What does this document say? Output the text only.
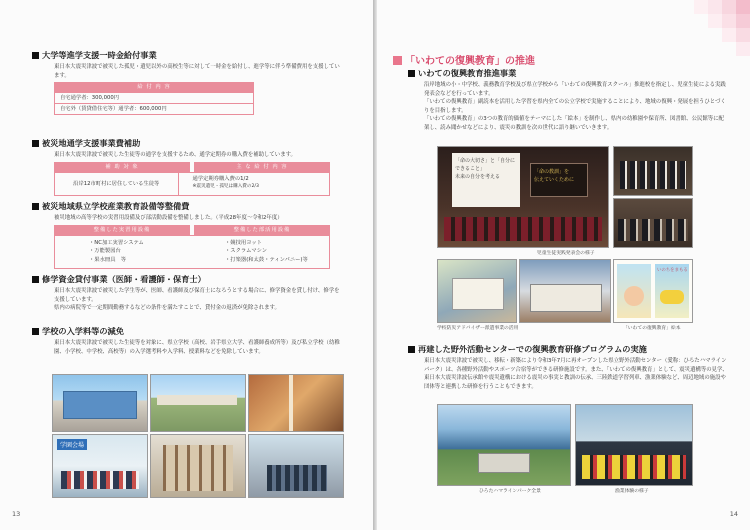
大学等進学支援一時金給付事業
東日本大震災津波で被災した孤児・遺児以外の高校生等に対して一時金を給付し、進学等に伴う準備費用を支援しています。
給 付 内 容
自宅通学者：300,000円
自宅外（賃貸借住宅等）通学者：600,000円
被災地通学支援事業費補助
東日本大震災津波で被災した生徒等の通学を支援するため、通学定期券の購入費を補助しています。
補 助 対 象	主 な 給 付 内 容
沿岸12市町村に居住している生徒等
通学定期券購入費の1/2
※震災遺児・孤児は購入費の2/3
被災地域県立学校産業教育設備等整備費
被災地域の高等学校の実習用設備及び部活動設備を整備しました。（平成28年度～令和2年度）
整備した実習用設備	整備した部活用設備
・NC加工実習システム
・万能製図台
・果水冊具　等
・競技用ヨット
・スクラムマシン
・打楽器(和太鼓・ティンパニー)等
修学資金貸付事業（医師・看護師・保育士）
東日本大震災津波で被災した学生等が、医師、看護師及び保育士になろうとする場合に、修学資金を貸し付け、修学を支援しています。
県内の病院等で一定期間勤務するなどの条件を満たすことで、貸付金の返済が免除されます。
学校の入学料等の減免
東日本大震災津波で被災した生徒等を対象に、県立学校（高校、岩手県立大学、看護師養成所等）及び私立学校（幼稚園、小学校、中学校、高校等）の入学選考料や入学料、授業料などを免除しています。
学園会場
13
「いわての復興教育」の推進
いわての復興教育推進事業
沿岸地域の小・中学校、義務教育学校及び県立学校から「いわての復興教育スクール」推進校を指定し、児童生徒による実践発表会などを行っています。
「いわての復興教育」副読本を活用した学習を県内全ての公立学校で実施することにより、地域の復興・発展を担うひとづくりを目指します。
「いわての復興教育」の3つの教育的価値をテーマにした「絵本」を制作し、県内の幼稚園や保育所、図書館、公民館等に配架し、読み聞かせなどにより、震災の教訓を次の世代に語り継いでいきます。
「命の大切さ」と「自分にできること」
未来の自分を考える
「命の教訓」を
伝えていくために
児童生徒実践発表会の様子
いのちをまもる
学校防災アドバイザー派遣事業の活用	「いわての復興教育」絵本
再建した野外活動センターでの復興教育研修プログラムの実施
東日本大震災津波で被災し、移転・新築により令和3年7月に再オープンした県立野外活動センター（愛称：ひろたハマラインパーク）は、各種野外活動やスポーツ合宿等ができる研修施設です。また、「いわての復興教育」として、震災遺構等の見学、東日本大震災津波伝承館や震災遺構における震災の事実と教訓の伝承、三陸鉄道学習列車、漁業体験など、周辺地域の施設や団体等と連携した研修を行うこともできます。
ひろたハマラインパーク全景	漁業体験の様子
14
